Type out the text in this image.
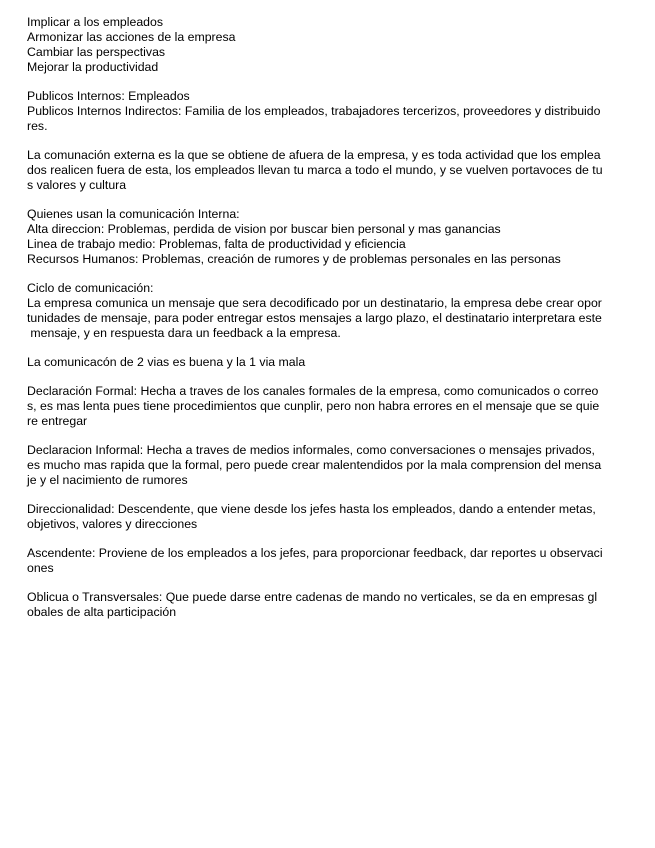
Implicar a los empleados
Armonizar las acciones de la empresa
Cambiar las perspectivas
Mejorar la productividad
Publicos Internos: Empleados
Publicos Internos Indirectos: Familia de los empleados, trabajadores tercerizos, proveedores y distribuido
res.
La comunación externa es la que se obtiene de afuera de la empresa, y es toda actividad que los emplea
dos realicen fuera de esta, los empleados llevan tu marca a todo el mundo, y se vuelven portavoces de tu
s valores y cultura
Quienes usan la comunicación Interna:
Alta direccion: Problemas, perdida de vision por buscar bien personal y mas ganancias
Linea de trabajo medio: Problemas, falta de productividad y eficiencia
Recursos Humanos: Problemas, creación de rumores y de problemas personales en las personas
Ciclo de comunicación:
La empresa comunica un mensaje que sera decodificado por un destinatario, la empresa debe crear opor
tunidades de mensaje, para poder entregar estos mensajes a largo plazo, el destinatario interpretara este
mensaje, y en respuesta dara un feedback a la empresa.
La comunicacón de 2 vias es buena y la 1 via mala
Declaración Formal: Hecha a traves de los canales formales de la empresa, como comunicados o correo
s, es mas lenta pues tiene procedimientos que cunplir, pero non habra errores en el mensaje que se quie
re entregar
Declaracion Informal: Hecha a traves de medios informales, como conversaciones o mensajes privados,
es mucho mas rapida que la formal, pero puede crear malentendidos por la mala comprension del mensa
je y el nacimiento de rumores
Direccionalidad: Descendente, que viene desde los jefes hasta los empleados, dando a entender metas,
objetivos, valores y direcciones
Ascendente: Proviene de los empleados a los jefes, para proporcionar feedback, dar reportes u observaci
ones
Oblicua o Transversales: Que puede darse entre cadenas de mando no verticales, se da en empresas gl
obales de alta participación
